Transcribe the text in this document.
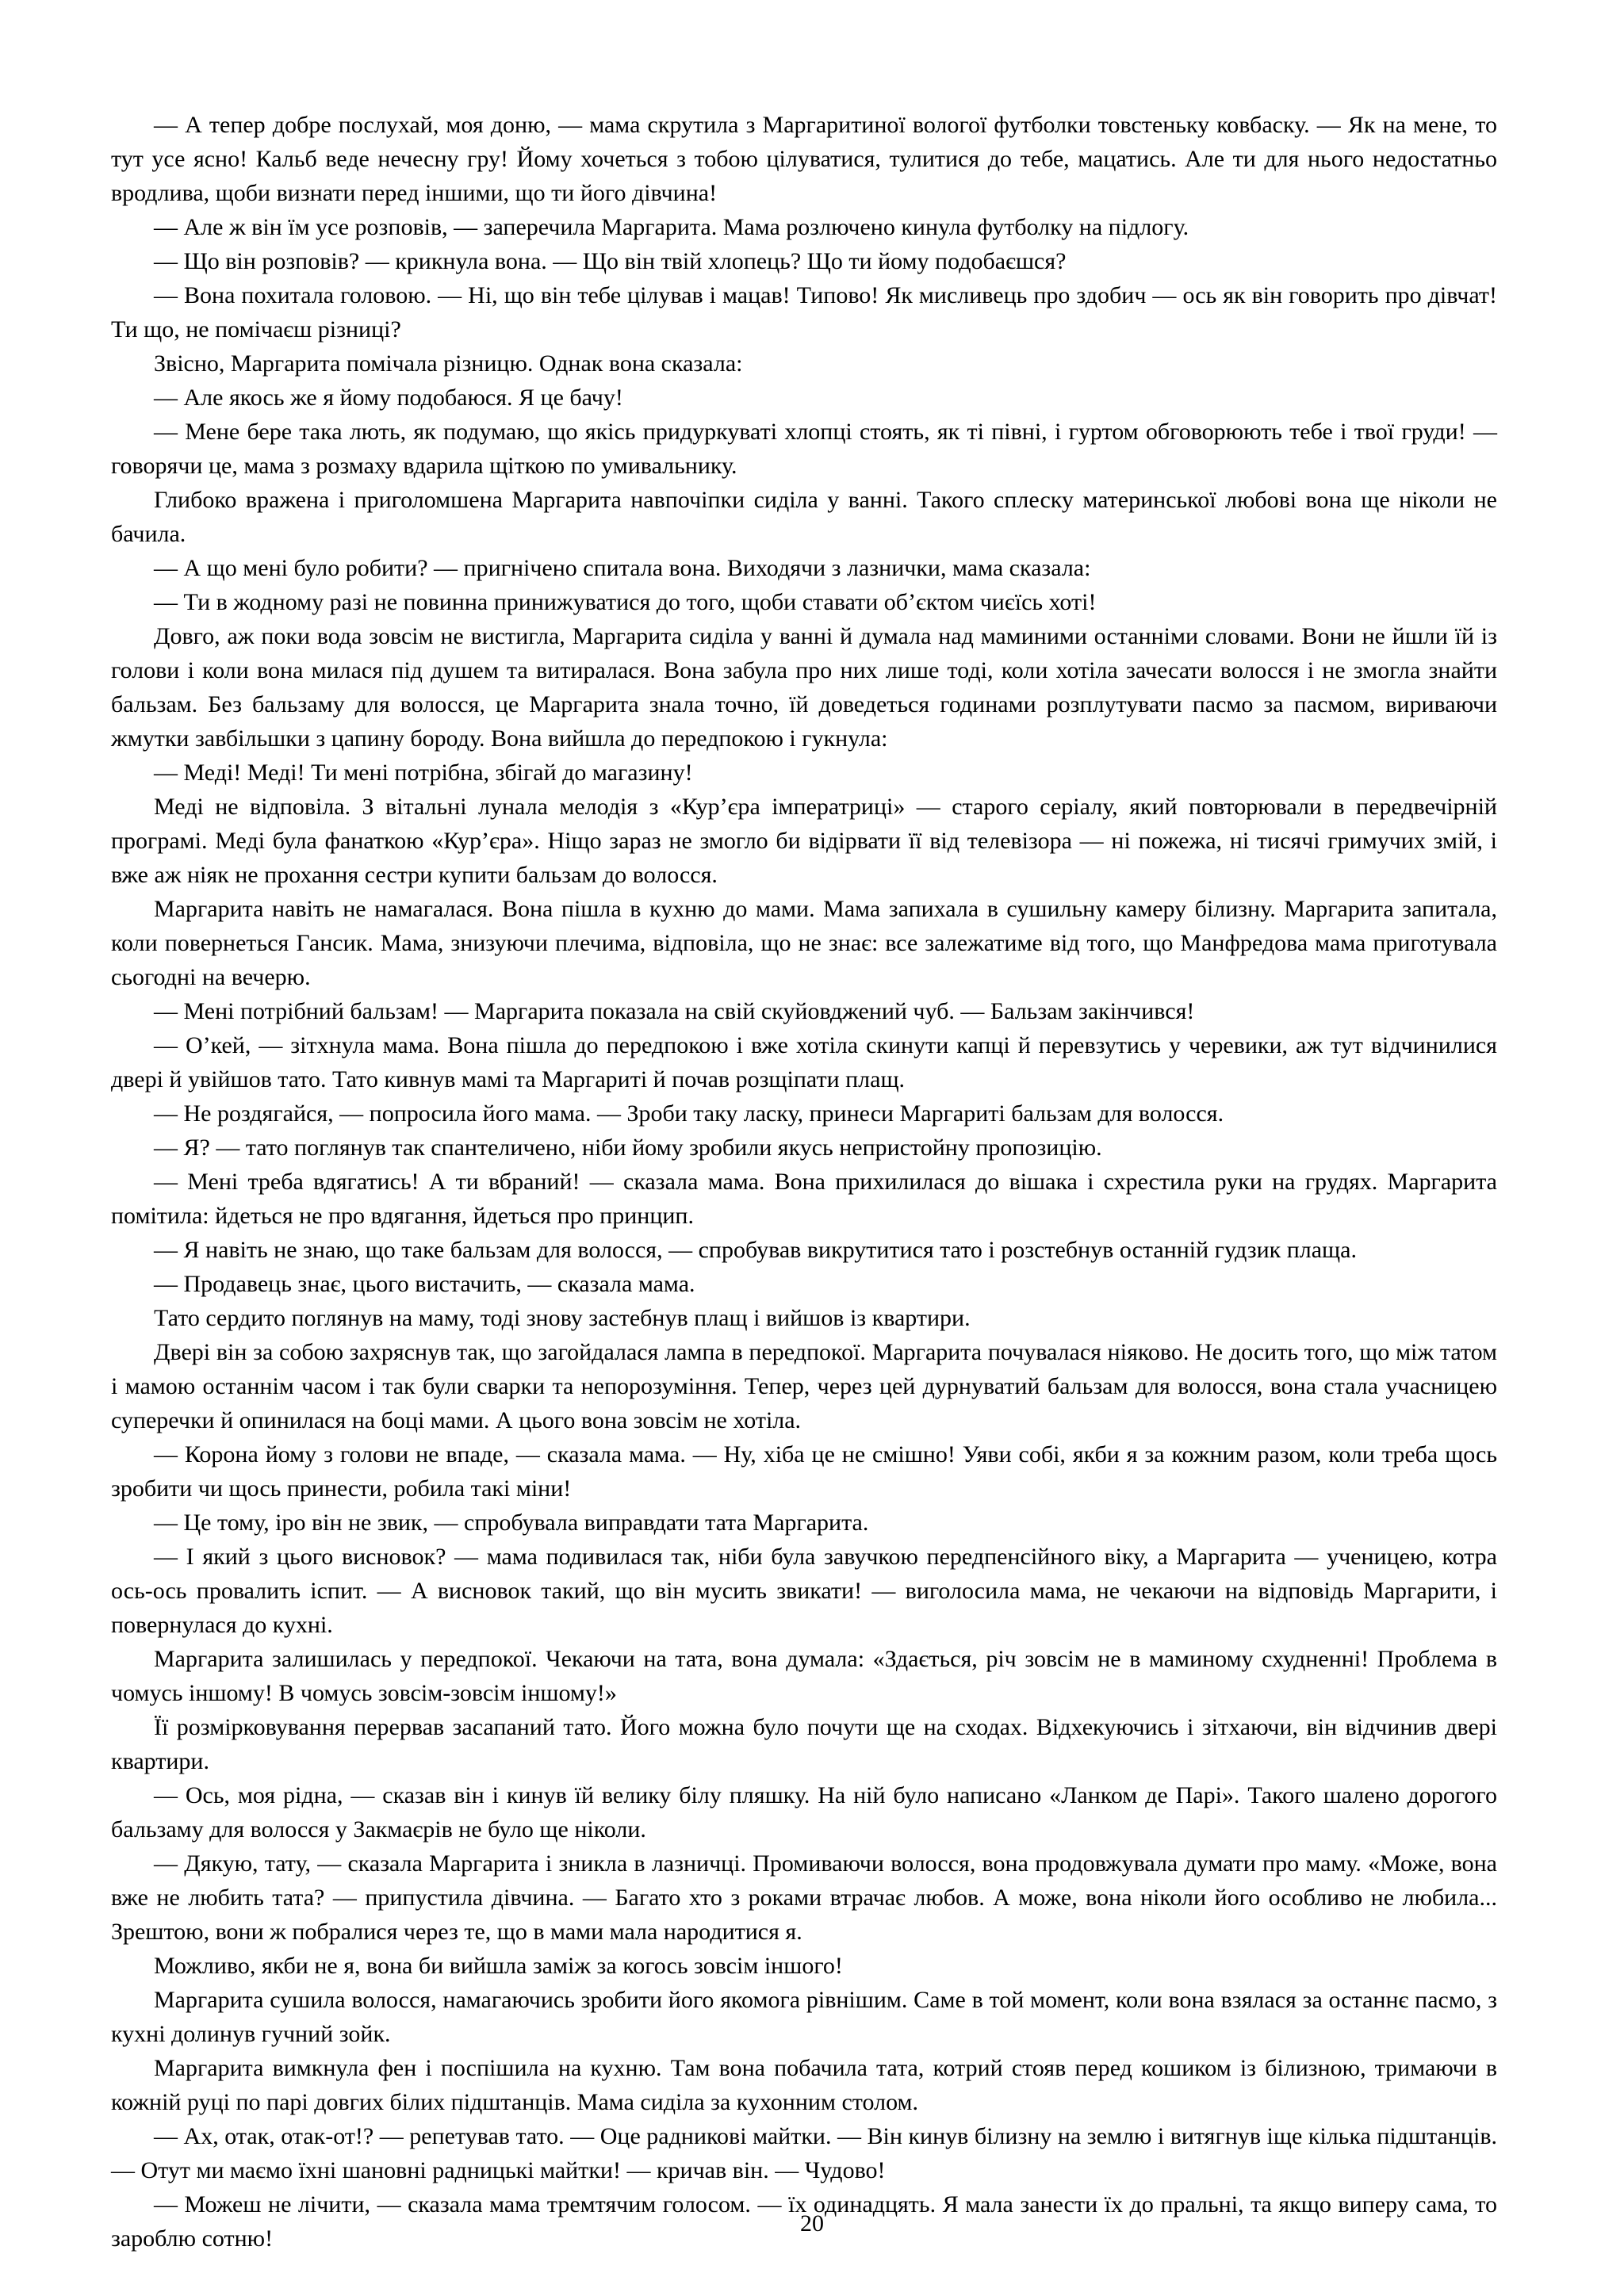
— А тепер добре послухай, моя доню, — мама скрутила з Маргаритиної вологої футболки товстеньку ковбаску. — Як на мене, то тут усе ясно! Кальб веде нечесну гру! Йому хочеться з тобою цілуватися, тулитися до тебе, мацатись. Але ти для нього недостатньо вродлива, щоби визнати перед іншими, що ти його дівчина!

— Але ж він їм усе розповів, — заперечила Маргарита. Мама розлючено кинула футболку на підлогу.

— Що він розповів? — крикнула вона. — Що він твій хлопець? Що ти йому подобаєшся?

— Вона похитала головою. — Ні, що він тебе цілував і мацав! Типово! Як мисливець про здобич — ось як він говорить про дівчат! Ти що, не помічаєш різниці?

Звісно, Маргарита помічала різницю. Однак вона сказала:

— Але якось же я йому подобаюся. Я це бачу!

— Мене бере така лють, як подумаю, що якісь придуркуваті хлопці стоять, як ті півні, і гуртом обговорюють тебе і твої груди! — говорячи це, мама з розмаху вдарила щіткою по умивальнику.

Глибоко вражена і приголомшена Маргарита навпочіпки сиділа у ванні. Такого сплеску материнської любові вона ще ніколи не бачила.

— А що мені було робити? — пригнічено спитала вона. Виходячи з лазнички, мама сказала:

— Ти в жодному разі не повинна принижуватися до того, щоби ставати об’єктом чиєїсь хоті!

Довго, аж поки вода зовсім не вистигла, Маргарита сиділа у ванні й думала над маминими останніми словами. Вони не йшли їй із голови і коли вона милася під душем та витиралася. Вона забула про них лише тоді, коли хотіла зачесати волосся і не змогла знайти бальзам. Без бальзаму для волосся, це Маргарита знала точно, їй доведеться годинами розплутувати пасмо за пасмом, вириваючи жмутки завбільшки з цапину бороду. Вона вийшла до передпокою і гукнула:

— Меді! Меді! Ти мені потрібна, збігай до магазину!

Меді не відповіла. З вітальні лунала мелодія з «Кур’єра імператриці» — старого серіалу, який повторювали в передвечірній програмі. Меді була фанаткою «Кур’єра». Ніщо зараз не змогло би відірвати її від телевізора — ні пожежа, ні тисячі гримучих змій, і вже аж ніяк не прохання сестри купити бальзам до волосся.

Маргарита навіть не намагалася. Вона пішла в кухню до мами. Мама запихала в сушильну камеру білизну. Маргарита запитала, коли повернеться Гансик. Мама, знизуючи плечима, відповіла, що не знає: все залежатиме від того, що Манфредова мама приготувала сьогодні на вечерю.

— Мені потрібний бальзам! — Маргарита показала на свій скуйовджений чуб. — Бальзам закінчився!

— О’кей, — зітхнула мама. Вона пішла до передпокою і вже хотіла скинути капці й перевзутись у черевики, аж тут відчинилися двері й увійшов тато. Тато кивнув мамі та Маргариті й почав розщіпати плащ.

— Не роздягайся, — попросила його мама. — Зроби таку ласку, принеси Маргариті бальзам для волосся.

— Я? — тато поглянув так спантеличено, ніби йому зробили якусь непристойну пропозицію.

— Мені треба вдягатись! А ти вбраний! — сказала мама. Вона прихилилася до вішака і схрестила руки на грудях. Маргарита помітила: йдеться не про вдягання, йдеться про принцип.

— Я навіть не знаю, що таке бальзам для волосся, — спробував викрутитися тато і розстебнув останній гудзик плаща.

— Продавець знає, цього вистачить, — сказала мама.

Тато сердито поглянув на маму, тоді знову застебнув плащ і вийшов із квартири.

Двері він за собою захряснув так, що загойдалася лампа в передпокої. Маргарита почувалася ніяково. Не досить того, що між татом і мамою останнім часом і так були сварки та непорозуміння. Тепер, через цей дурнуватий бальзам для волосся, вона стала учасницею суперечки й опинилася на боці мами. А цього вона зовсім не хотіла.

— Корона йому з голови не впаде, — сказала мама. — Ну, хіба це не смішно! Уяви собі, якби я за кожним разом, коли треба щось зробити чи щось принести, робила такі міни!

— Це тому, іро він не звик, — спробувала виправдати тата Маргарита.

— І який з цього висновок? — мама подивилася так, ніби була завучкою передпенсійного віку, а Маргарита — ученицею, котра ось-ось провалить іспит. — А висновок такий, що він мусить звикати! — виголосила мама, не чекаючи на відповідь Маргарити, і повернулася до кухні.

Маргарита залишилась у передпокої. Чекаючи на тата, вона думала: «Здається, річ зовсім не в маминому схудненні! Проблема в чомусь іншому! В чомусь зовсім-зовсім іншому!»

Її розмірковування перервав засапаний тато. Його можна було почути ще на сходах. Відхекуючись і зітхаючи, він відчинив двері квартири.

— Ось, моя рідна, — сказав він і кинув їй велику білу пляшку. На ній було написано «Ланком де Парі». Такого шалено дорогого бальзаму для волосся у Закмаєрів не було ще ніколи.

— Дякую, тату, — сказала Маргарита і зникла в лазничці. Промиваючи волосся, вона продовжувала думати про маму. «Може, вона вже не любить тата? — припустила дівчина. — Багато хто з роками втрачає любов. А може, вона ніколи його особливо не любила... Зрештою, вони ж побралися через те, що в мами мала народитися я.

Можливо, якби не я, вона би вийшла заміж за когось зовсім іншого!

Маргарита сушила волосся, намагаючись зробити його якомога рівнішим. Саме в той момент, коли вона взялася за останнє пасмо, з кухні долинув гучний зойк.

Маргарита вимкнула фен і поспішила на кухню. Там вона побачила тата, котрий стояв перед кошиком із білизною, тримаючи в кожній руці по парі довгих білих підштанців. Мама сиділа за кухонним столом.

— Ах, отак, отак-от!? — репетував тато. — Оце радникові майтки. — Він кинув білизну на землю і витягнув іще кілька підштанців. — Отут ми маємо їхні шановні радницькі майтки! — кричав він. — Чудово!

— Можеш не лічити, — сказала мама тремтячим голосом. — їх одинадцять. Я мала занести їх до пральні, та якщо виперу сама, то зароблю сотню!

20
